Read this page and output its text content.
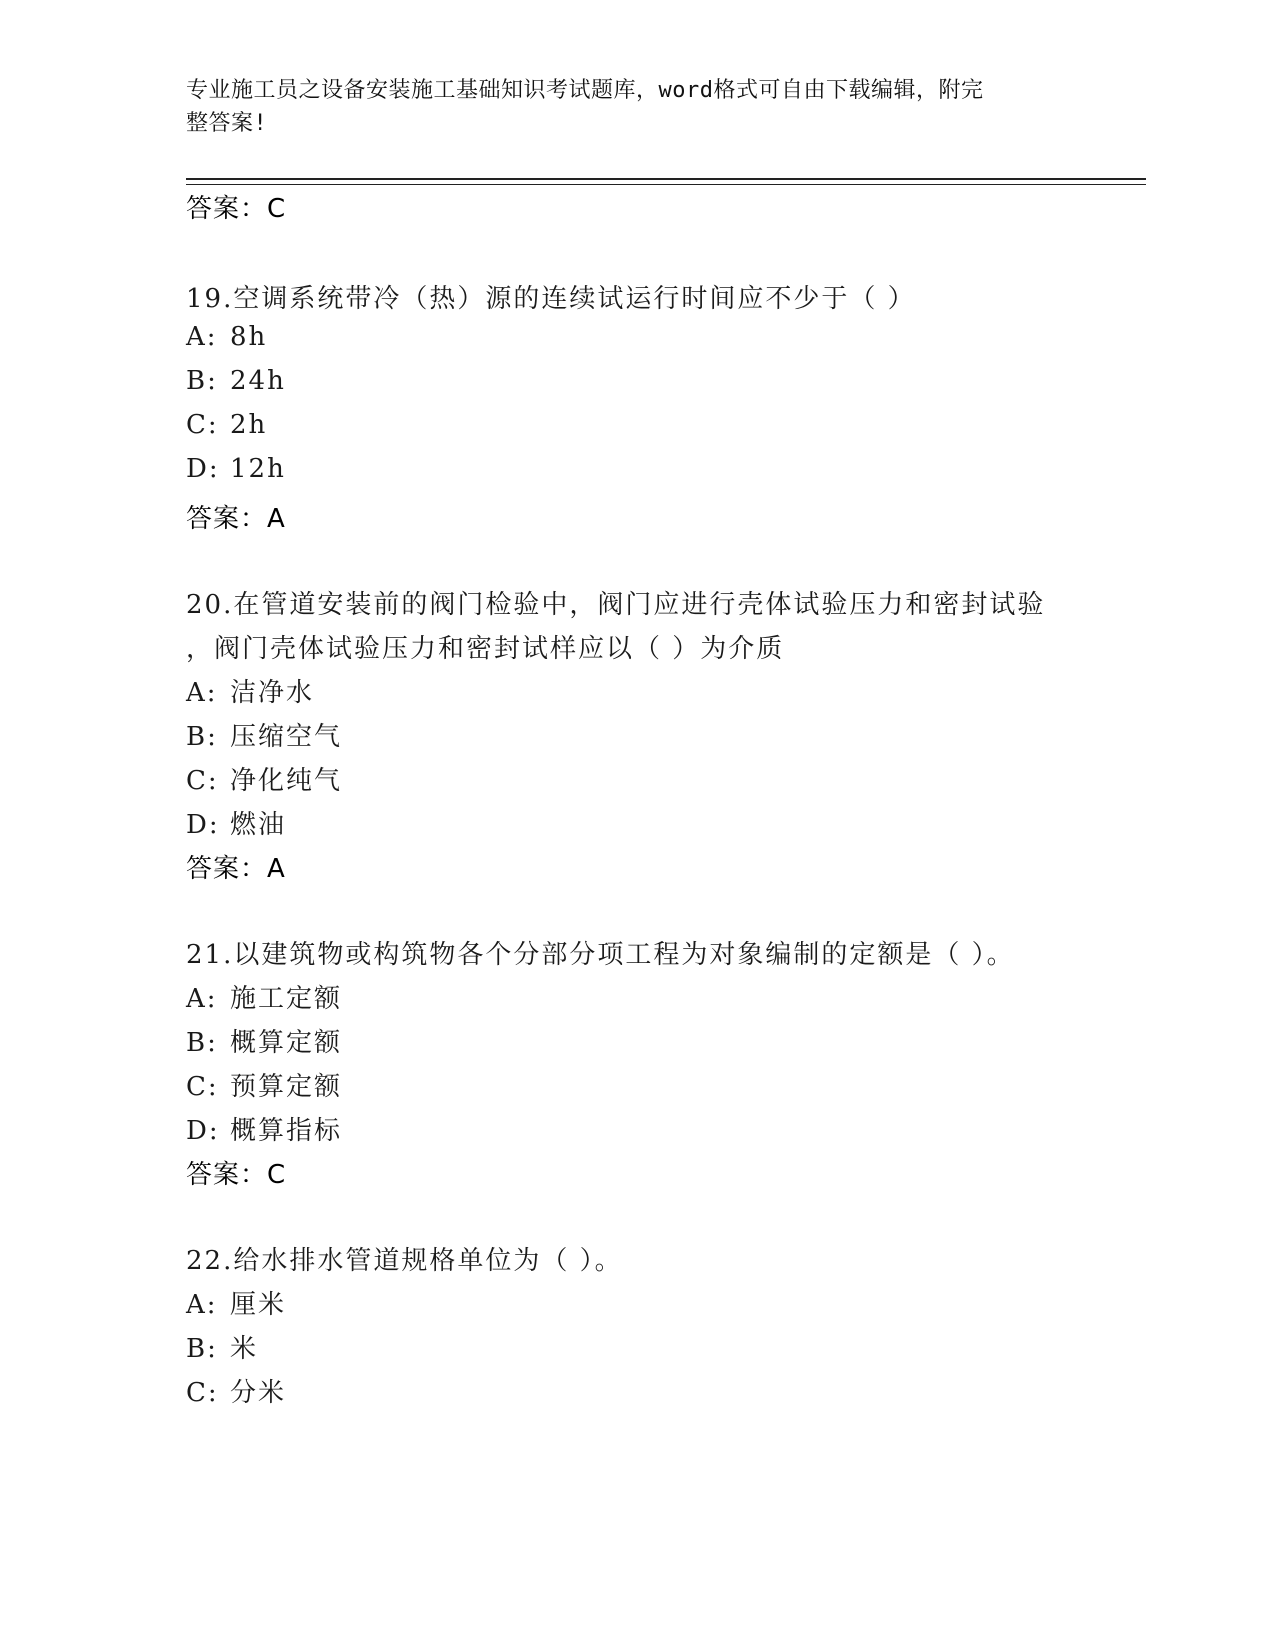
专业施工员之设备安装施工基础知识考试题库，word格式可自由下载编辑，附完
整答案!
答案：C
19.空调系统带冷（热）源的连续试运行时间应不少于（ ）
A: 8h
B: 24h
C: 2h
D: 12h
答案：A
20.在管道安装前的阀门检验中，阀门应进行壳体试验压力和密封试验
，阀门壳体试验压力和密封试样应以（ ）为介质
A: 洁净水
B: 压缩空气
C: 净化纯气
D: 燃油
答案：A
21.以建筑物或构筑物各个分部分项工程为对象编制的定额是（ ）。
A: 施工定额
B: 概算定额
C: 预算定额
D: 概算指标
答案：C
22.给水排水管道规格单位为（ ）。
A: 厘米
B: 米
C: 分米
